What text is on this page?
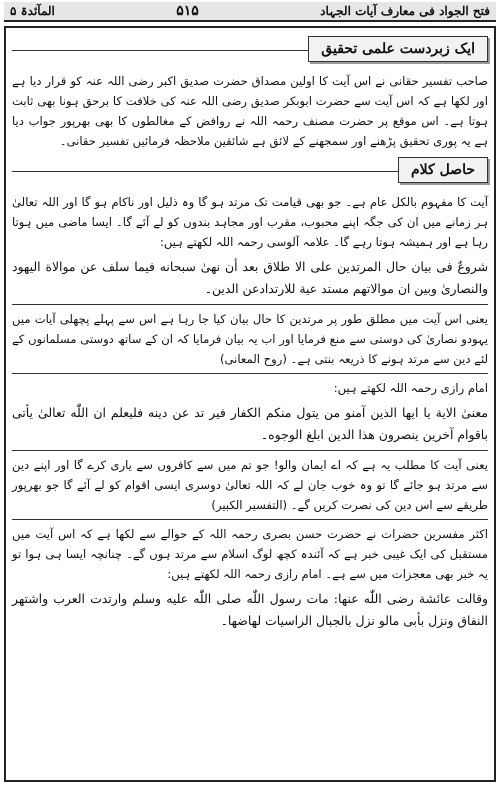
فتح الجواد فی معارف آیات الجہاد
۵۱۵
المآئدۃ ۵
ایک زبردست علمی تحقیق

صاحب تفسیر حقانی نے اس آیت کا اولین مصداق حضرت صدیق اکبر رضی اللہ عنہ کو قرار دیا ہے اور لکھا ہے کہ اس آیت سے حضرت ابوبکر صدیق رضی اللہ عنہ کی خلافت کا برحق ہونا بھی ثابت ہوتا ہے۔ اس موقع پر حضرت مصنف رحمہ اللہ نے روافض کے مغالطوں کا بھی بھرپور جواب دیا ہے یہ پوری تحقیق پڑھنے اور سمجھنے کے لائق ہے شائقین ملاحظہ فرمائیں تفسیر حقانی۔

حاصل کلام

آیت کا مفہوم بالکل عام ہے۔ جو بھی قیامت تک مرتد ہو گا وہ ذلیل اور ناکام ہو گا اور اللہ تعالیٰ ہر زمانے میں ان کی جگہ اپنے محبوب، مقرب اور مجاہد بندوں کو لے آئے گا۔ ایسا ماضی میں ہوتا رہا ہے اور ہمیشہ ہوتا رہے گا۔ علامہ آلوسی رحمہ اللہ لکھتے ہیں:

شروعٌ فی بیان حال المرتدین علی الا طلاق بعد أن نهیٰ سبحانه فیما سلف عن موالاة الیهود والنصاریٰ وبین ان موالاتهم مستد عیة للارتدادعن الدین۔

یعنی اس آیت میں مطلق طور پر مرتدین کا حال بیان کیا جا رہا ہے اس سے پہلے پچھلی آیات میں یہودو نصاریٰ کی دوستی سے منع فرمایا اور اب یہ بیان فرمایا کہ ان کے ساتھ دوستی مسلمانوں کے لئے دین سے مرتد ہونے کا ذریعہ بنتی ہے۔ (روح المعانی)

امام رازی رحمہ اللہ لکھتے ہیں:

معنیٰ الایة یا ایها الذین آمنو من یتول منکم الکفار فیر تد عن دینه فلیعلم ان اللّٰه تعالیٰ یأتی باقوام آخرین ینصرون هذا الدین ابلغ الوجوه۔

یعنی آیت کا مطلب یہ ہے کہ اے ایمان والو! جو تم میں سے کافروں سے یاری کرے گا اور اپنے دین سے مرتد ہو جائے گا تو وہ خوب جان لے کہ اللہ تعالیٰ دوسری ایسی اقوام کو لے آئے گا جو بھرپور طریقے سے اس دین کی نصرت کریں گے۔ (التفسیر الکبیر)

اکثر مفسرین حضرات نے حضرت حسن بصری رحمہ اللہ کے حوالے سے لکھا ہے کہ اس آیت میں مستقبل کی ایک غیبی خبر ہے کہ آئندہ کچھ لوگ اسلام سے مرتد ہوں گے۔ چنانچہ ایسا ہی ہوا تو یہ خبر بھی معجزات میں سے ہے۔ امام رازی رحمہ اللہ لکھتے ہیں:

وقالت عائشة رضی اللّٰه عنها: مات رسول اللّٰه صلی اللّٰه علیه وسلم وارتدت العرب واشتهر النفاق ونزل بأبی مالو نزل بالجبال الراسیات لهاضها۔
